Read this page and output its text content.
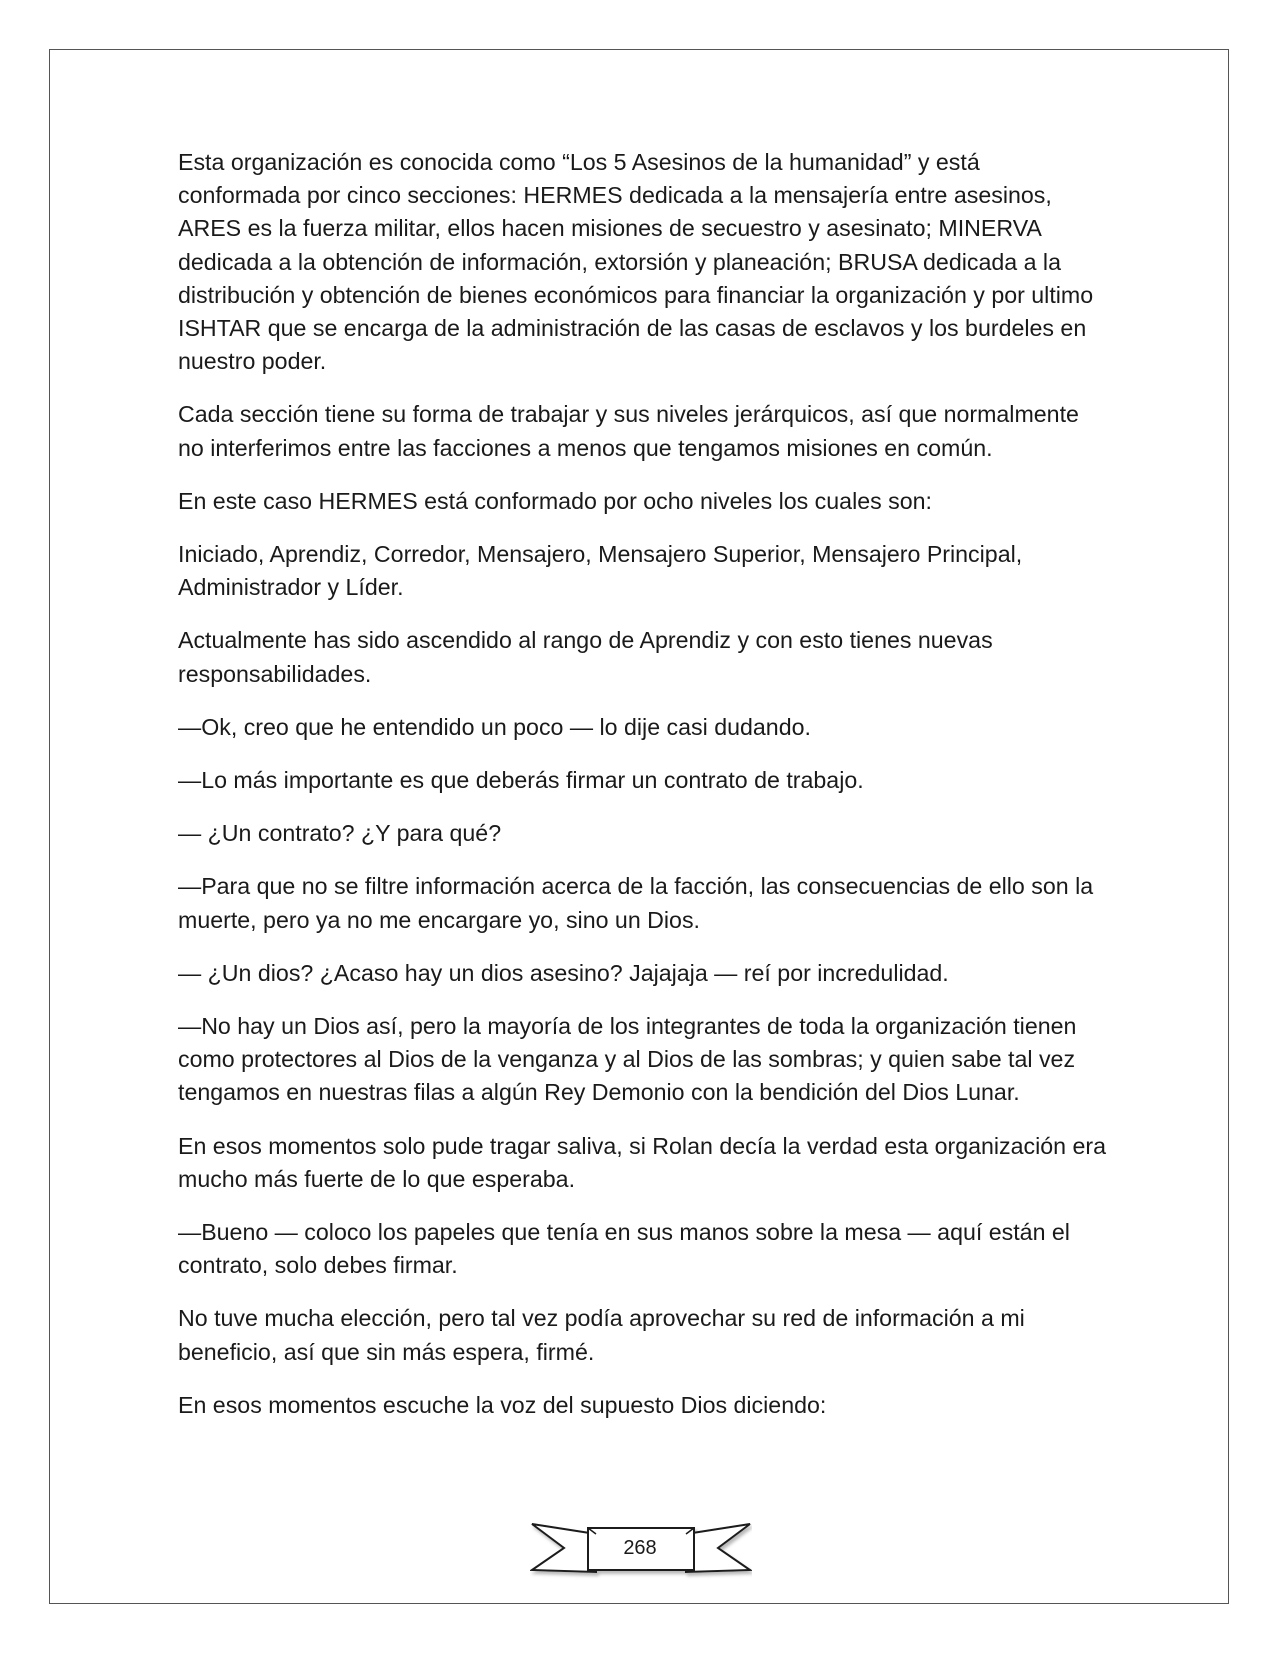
Esta organización es conocida como “Los 5 Asesinos de la humanidad” y está conformada por cinco secciones: HERMES dedicada a la mensajería entre asesinos, ARES es la fuerza militar, ellos hacen misiones de secuestro y asesinato; MINERVA dedicada a la obtención de información, extorsión y planeación; BRUSA dedicada a la distribución y obtención de bienes económicos para financiar la organización y por ultimo ISHTAR que se encarga de la administración de las casas de esclavos y los burdeles en nuestro poder.

Cada sección tiene su forma de trabajar y sus niveles jerárquicos, así que normalmente no interferimos entre las facciones a menos que tengamos misiones en común.

En este caso HERMES está conformado por ocho niveles los cuales son:

Iniciado, Aprendiz, Corredor, Mensajero, Mensajero Superior, Mensajero Principal, Administrador y Líder.

Actualmente has sido ascendido al rango de Aprendiz y con esto tienes nuevas responsabilidades.

—Ok, creo que he entendido un poco — lo dije casi dudando.

—Lo más importante es que deberás firmar un contrato de trabajo.

— ¿Un contrato? ¿Y para qué?

—Para que no se filtre información acerca de la facción, las consecuencias de ello son la muerte, pero ya no me encargare yo, sino un Dios.

— ¿Un dios? ¿Acaso hay un dios asesino? Jajajaja — reí por incredulidad.

—No hay un Dios así, pero la mayoría de los integrantes de toda la organización tienen como protectores al Dios de la venganza y al Dios de las sombras; y quien sabe tal vez tengamos en nuestras filas a algún Rey Demonio con la bendición del Dios Lunar.

En esos momentos solo pude tragar saliva, si Rolan decía la verdad esta organización era mucho más fuerte de lo que esperaba.

—Bueno — coloco los papeles que tenía en sus manos sobre la mesa — aquí están el contrato, solo debes firmar.

No tuve mucha elección, pero tal vez podía aprovechar su red de información a mi beneficio, así que sin más espera, firmé.

En esos momentos escuche la voz del supuesto Dios diciendo:

268
